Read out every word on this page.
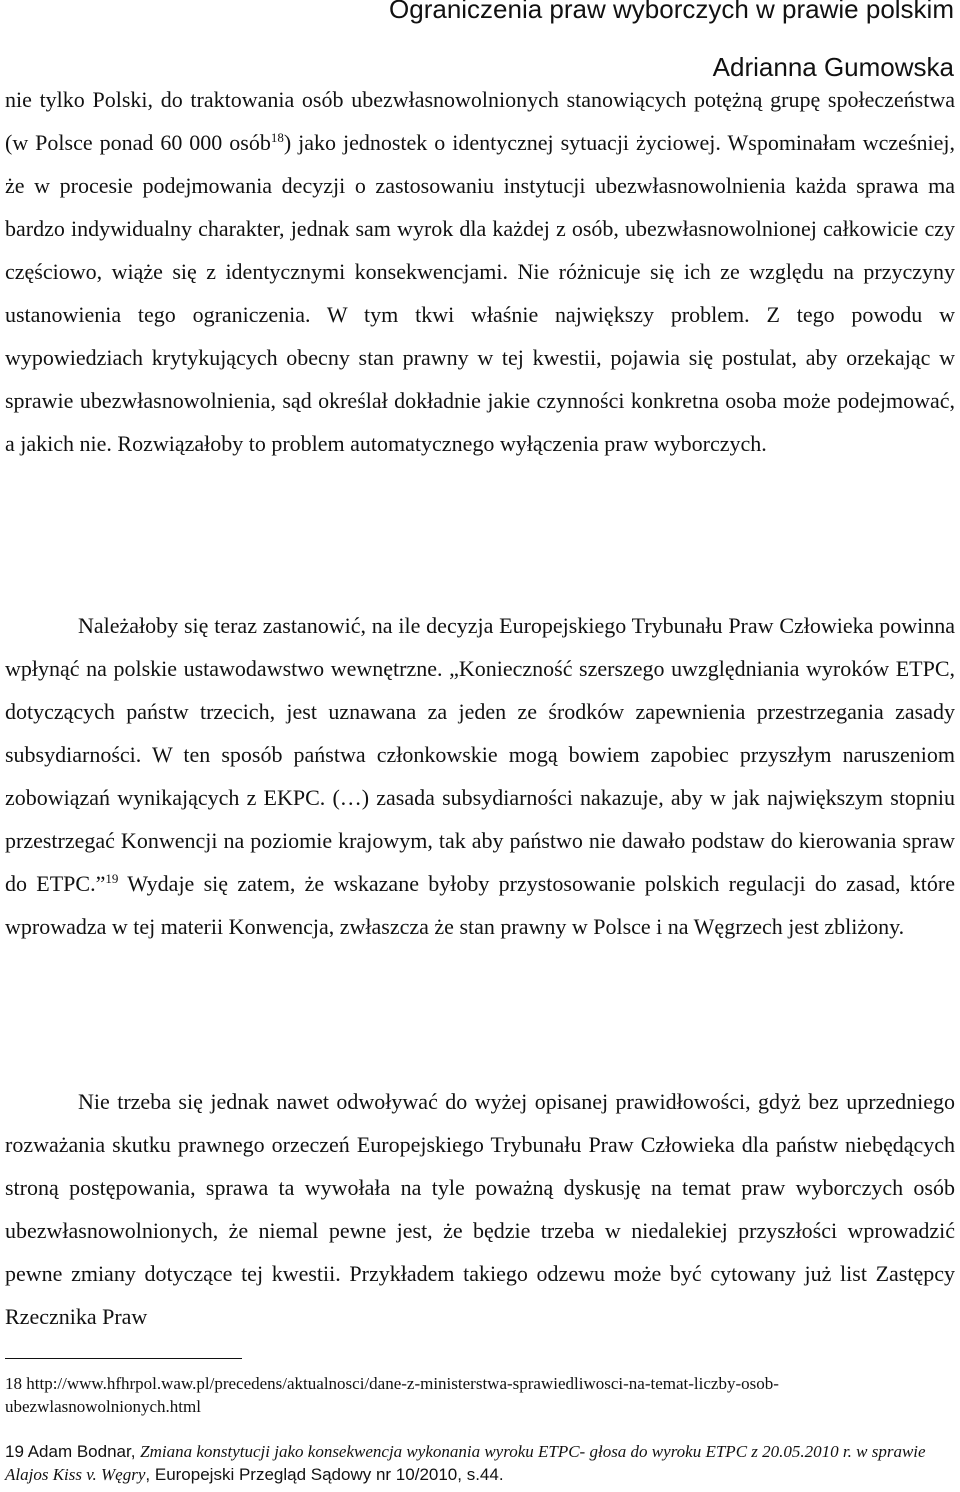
Ograniczenia praw wyborczych w prawie polskim
Adrianna Gumowska

nie tylko Polski, do traktowania osób ubezwłasnowolnionych stanowiących potężną grupę społeczeństwa (w Polsce ponad 60 000 osób$^{18}$) jako jednostek o identycznej sytuacji życiowej. Wspominałam wcześniej, że w procesie podejmowania decyzji o zastosowaniu instytucji ubezwłasnowolnienia każda sprawa ma bardzo indywidualny charakter, jednak sam wyrok dla każdej z osób, ubezwłasnowolnionej całkowicie czy częściowo, wiąże się z identycznymi konsekwencjami. Nie różnicuje się ich ze względu na przyczyny ustanowienia tego ograniczenia. W tym tkwi właśnie największy problem. Z tego powodu w wypowiedziach krytykujących obecny stan prawny w tej kwestii, pojawia się postulat, aby orzekając w sprawie ubezwłasnowolnienia, sąd określał dokładnie jakie czynności konkretna osoba może podejmować, a jakich nie. Rozwiązałoby to problem automatycznego wyłączenia praw wyborczych.

Należałoby się teraz zastanowić, na ile decyzja Europejskiego Trybunału Praw Człowieka powinna wpłynąć na polskie ustawodawstwo wewnętrzne. „Konieczność szerszego uwzględniania wyroków ETPC, dotyczących państw trzecich, jest uznawana za jeden ze środków zapewnienia przestrzegania zasady subsydiarności. W ten sposób państwa członkowskie mogą bowiem zapobiec przyszłym naruszeniom zobowiązań wynikających z EKPC. (…) zasada subsydiarności nakazuje, aby w jak największym stopniu przestrzegać Konwencji na poziomie krajowym, tak aby państwo nie dawało podstaw do kierowania spraw do ETPC.”$^{19}$ Wydaje się zatem, że wskazane byłoby przystosowanie polskich regulacji do zasad, które wprowadza w tej materii Konwencja, zwłaszcza że stan prawny w Polsce i na Węgrzech jest zbliżony.

Nie trzeba się jednak nawet odwoływać do wyżej opisanej prawidłowości, gdyż bez uprzedniego rozważania skutku prawnego orzeczeń Europejskiego Trybunału Praw Człowieka dla państw niebędących stroną postępowania, sprawa ta wywołała na tyle poważną dyskusję na temat praw wyborczych osób ubezwłasnowolnionych, że niemal pewne jest, że będzie trzeba w niedalekiej przyszłości wprowadzić pewne zmiany dotyczące tej kwestii. Przykładem takiego odzewu może być cytowany już list Zastępcy Rzecznika Praw

18 http://www.hfhrpol.waw.pl/precedens/aktualnosci/dane-z-ministerstwa-sprawiedliwosci-na-temat-liczby-osob-ubezwlasnowolnionych.html

19 Adam Bodnar, Zmiana konstytucji jako konsekwencja wykonania wyroku ETPC- głosa do wyroku ETPC z 20.05.2010 r. w sprawie Alajos Kiss v. Węgry, Europejski Przegląd Sądowy nr 10/2010, s.44.
